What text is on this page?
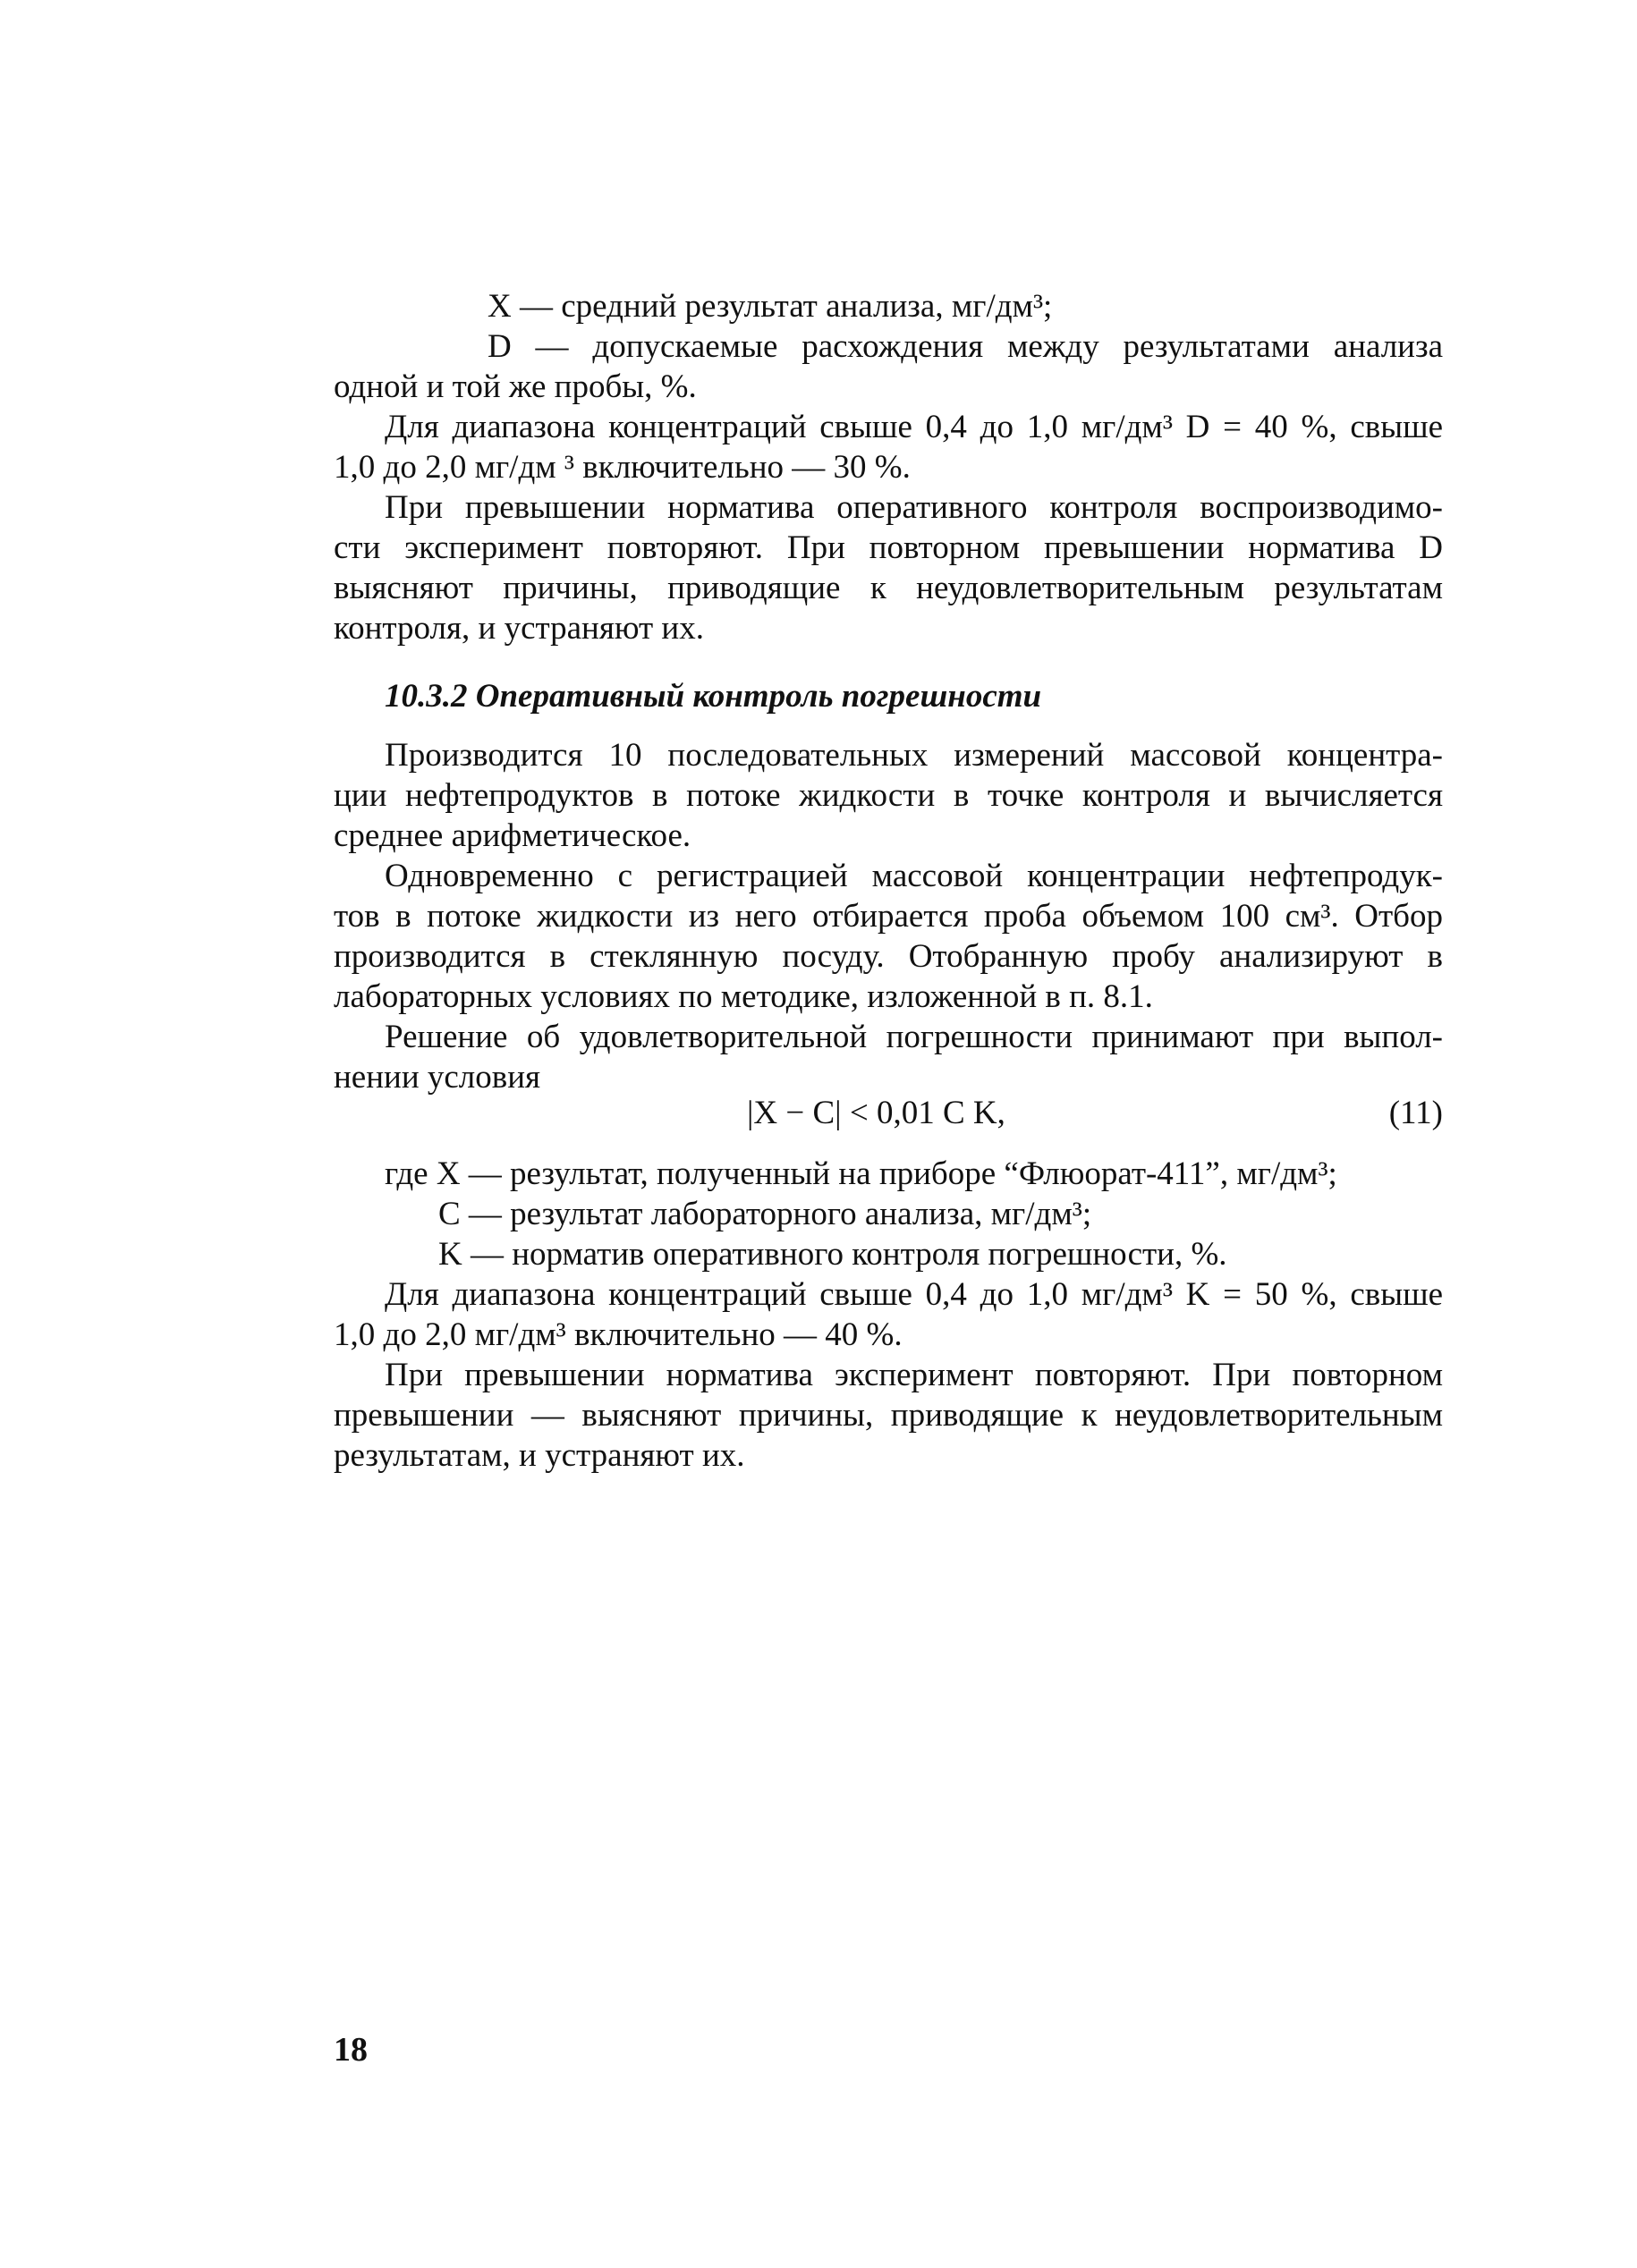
X — средний результат анализа, мг/дм³;
D — допускаемые расхождения между результатами анализа
одной и той же пробы, %.
Для диапазона концентраций свыше 0,4 до 1,0 мг/дм³ D = 40 %, свыше
1,0 до 2,0 мг/дм ³ включительно — 30 %.
При превышении норматива оперативного контроля воспроизводимо-
сти эксперимент повторяют. При повторном превышении норматива D
выясняют причины, приводящие к неудовлетворительным результатам
контроля, и устраняют их.
10.3.2 Оперативный контроль погрешности
Производится 10 последовательных измерений массовой концентра-
ции нефтепродуктов в потоке жидкости в точке контроля и вычисляется
среднее арифметическое.
Одновременно с регистрацией массовой концентрации нефтепродук-
тов в потоке жидкости из него отбирается проба объемом 100 см³. Отбор
производится в стеклянную посуду. Отобранную пробу анализируют в
лабораторных условиях по методике, изложенной в п. 8.1.
Решение об удовлетворительной погрешности принимают при выпол-
нении условия
|X − C| < 0,01 C K,	(11)
где X — результат, полученный на приборе “Флюорат-411”, мг/дм³;
C — результат лабораторного анализа, мг/дм³;
K — норматив оперативного контроля погрешности, %.
Для диапазона концентраций свыше 0,4 до 1,0 мг/дм³ K = 50 %, свыше
1,0 до 2,0 мг/дм³ включительно — 40 %.
При превышении норматива эксперимент повторяют. При повторном
превышении — выясняют причины, приводящие к неудовлетворительным
результатам, и устраняют их.
18
